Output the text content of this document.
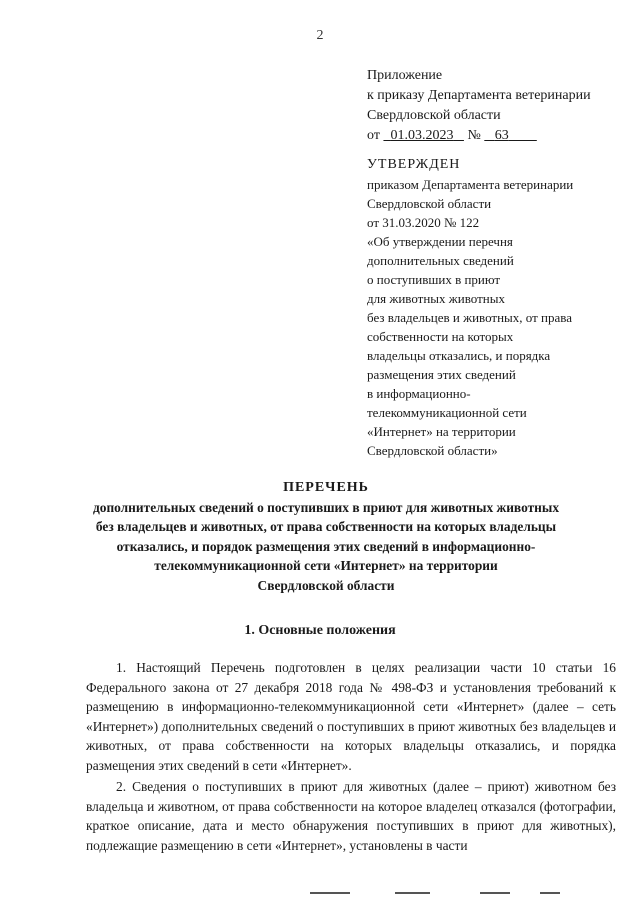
2
Приложение
к приказу Департамента ветеринарии
Свердловской области
от 01.03.2023 № 63
УТВЕРЖДЕН
приказом Департамента ветеринарии
Свердловской области
от 31.03.2020 № 122
«Об утверждении перечня
дополнительных сведений
о поступивших в приют
для животных животных
без владельцев и животных, от права
собственности на которых
владельцы отказались, и порядка
размещения этих сведений
в информационно-
телекоммуникационной сети
«Интернет» на территории
Свердловской области»
ПЕРЕЧЕНЬ
дополнительных сведений о поступивших в приют для животных животных
без владельцев и животных, от права собственности на которых владельцы
отказались, и порядок размещения этих сведений в информационно-
телекоммуникационной сети «Интернет» на территории
Свердловской области
1. Основные положения

1. Настоящий Перечень подготовлен в целях реализации части 10 статьи 16 Федерального закона от 27 декабря 2018 года № 498-ФЗ и установления требований к размещению в информационно-телекоммуникационной сети «Интернет» (далее – сеть «Интернет») дополнительных сведений о поступивших в приют животных без владельцев и животных, от права собственности на которых владельцы отказались, и порядка размещения этих сведений в сети «Интернет».

2. Сведения о поступивших в приют для животных (далее – приют) животном без владельца и животном, от права собственности на которое владелец отказался (фотографии, краткое описание, дата и место обнаружения поступивших в приют для животных), подлежащие размещению в сети «Интернет», установлены в части
